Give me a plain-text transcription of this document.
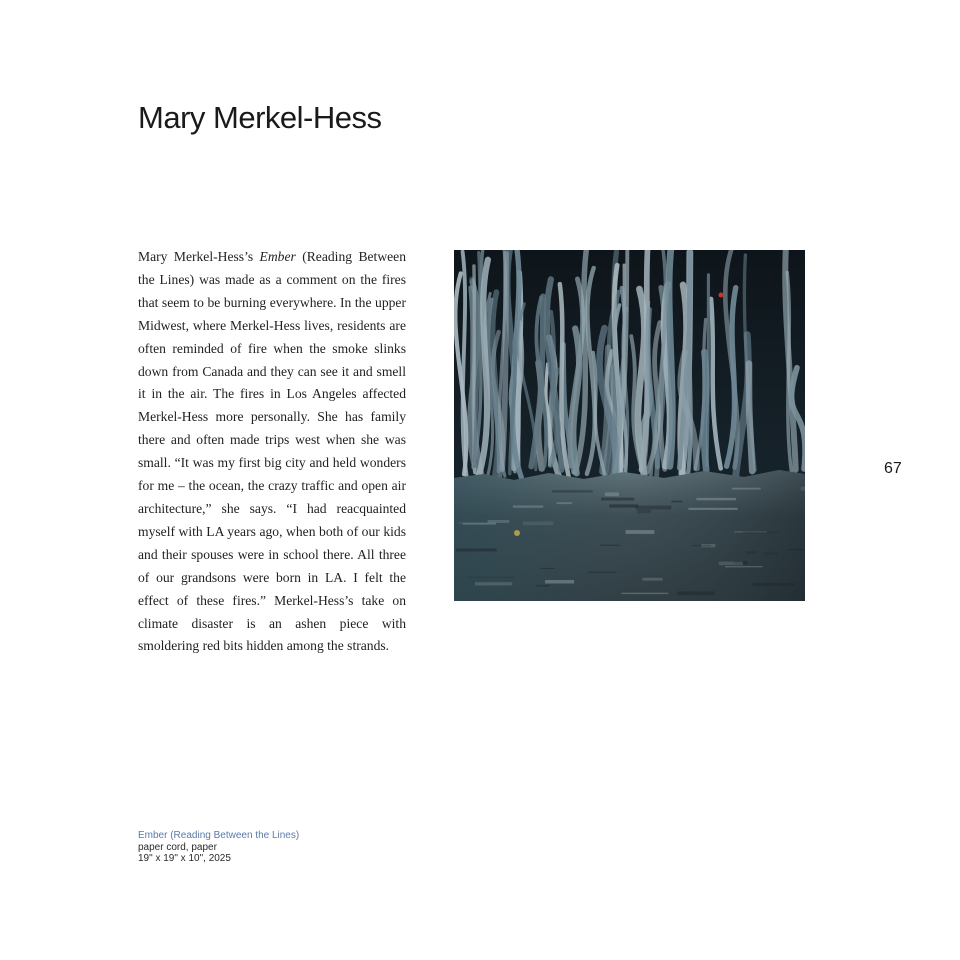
Mary Merkel-Hess

Mary Merkel-Hess’s Ember (Reading Between the Lines) was made as a comment on the fires that seem to be burning everywhere. In the upper Midwest, where Merkel-Hess lives, residents are often reminded of fire when the smoke slinks down from Canada and they can see it and smell it in the air. The fires in Los Angeles affected Merkel-Hess more personally. She has family there and often made trips west when she was small. “It was my first big city and held wonders for me – the ocean, the crazy traffic and open air architecture,” she says. “I had reacquainted myself with LA years ago, when both of our kids and their spouses were in school there. All three of our grandsons were born in LA. I felt the effect of these fires.” Merkel-Hess’s take on climate disaster is an ashen piece with smoldering red bits hidden among the strands.

67
Ember (Reading Between the Lines)
paper cord, paper
19" x 19" x 10", 2025
